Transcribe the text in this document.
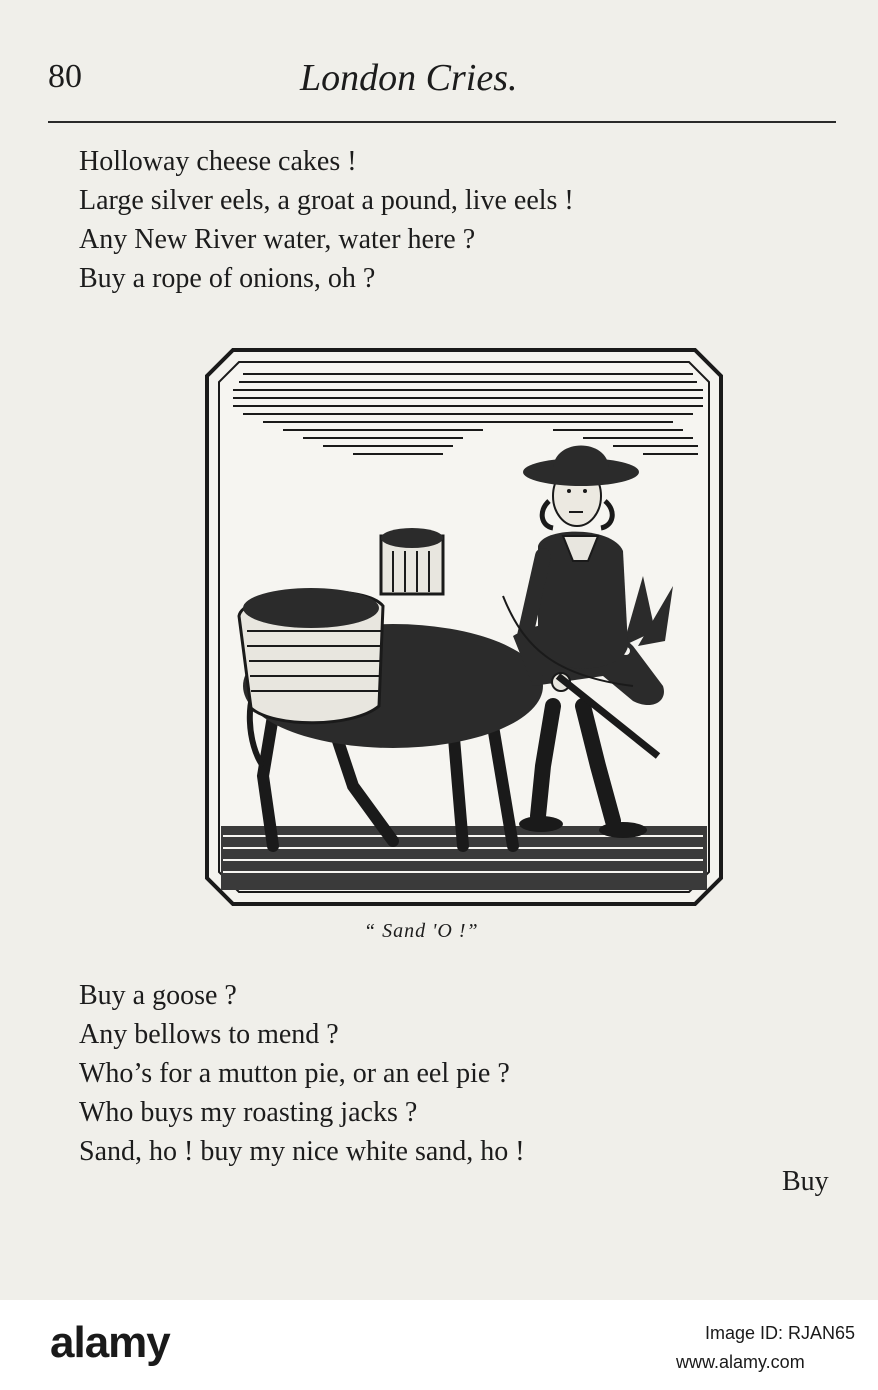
80	London Cries.
Holloway cheese cakes !
Large silver eels, a groat a pound, live eels !
Any New River water, water here ?
Buy a rope of onions, oh ?
“ Sand 'O !”
Buy a goose ?
Any bellows to mend ?
Who’s for a mutton pie, or an eel pie ?
Who buys my roasting jacks ?
Sand, ho ! buy my nice white sand, ho !
Buy
alamy	Image ID: RJAN65
www.alamy.com
